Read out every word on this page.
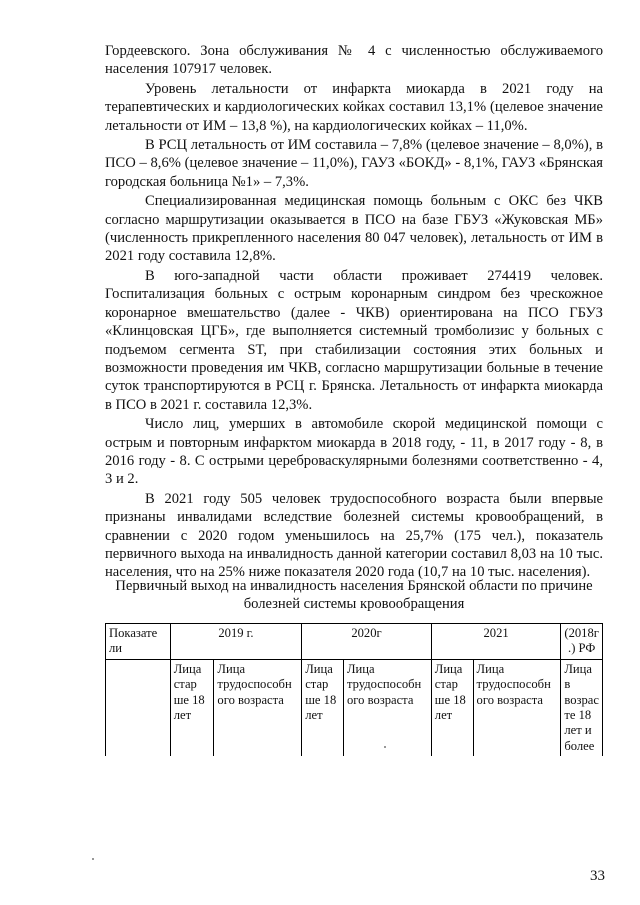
Гордеевского. Зона обслуживания № 4 с численностью обслуживаемого населения 107917 человек.

Уровень летальности от инфаркта миокарда в 2021 году на терапевтических и кардиологических койках составил 13,1% (целевое значение летальности от ИМ – 13,8 %), на кардиологических койках – 11,0%.

В РСЦ летальность от ИМ составила – 7,8% (целевое значение – 8,0%), в ПСО – 8,6% (целевое значение – 11,0%), ГАУЗ «БОКД» - 8,1%, ГАУЗ «Брянская городская больница №1» – 7,3%.

Специализированная медицинская помощь больным с ОКС без ЧКВ согласно маршрутизации оказывается в ПСО на базе ГБУЗ «Жуковская МБ» (численность прикрепленного населения 80 047 человек), летальность от ИМ в 2021 году составила 12,8%.

В юго-западной части области проживает 274419 человек. Госпитализация больных с острым коронарным синдром без чрескожное коронарное вмешательство (далее - ЧКВ) ориентирована на ПСО ГБУЗ «Клинцовская ЦГБ», где выполняется системный тромболизис у больных с подъемом сегмента ST, при стабилизации состояния этих больных и возможности проведения им ЧКВ, согласно маршрутизации больные в течение суток транспортируются в РСЦ г. Брянска. Летальность от инфаркта миокарда в ПСО в 2021 г. составила 12,3%.

Число лиц, умерших в автомобиле скорой медицинской помощи с острым и повторным инфарктом миокарда в 2018 году, - 11, в 2017 году - 8, в 2016 году - 8. С острыми цереброваскулярными болезнями соответственно - 4, 3 и 2.

В 2021 году 505 человек трудоспособного возраста были впервые признаны инвалидами вследствие болезней системы кровообращений, в сравнении с 2020 годом уменьшилось на 25,7% (175 чел.), показатель первичного выхода на инвалидность данной категории составил 8,03 на 10 тыс. населения, что на 25% ниже показателя 2020 года (10,7 на 10 тыс. населения).

Первичный выход на инвалидность населения Брянской области по причине болезней системы кровообращения
Показате ли	2019 г.		2020г		2021		(2018г .) РФ
	Лица стар ше 18 лет	Лица трудоспособн ого возраста	Лица стар ше 18 лет	Лица трудоспособн ого возраста	Лица стар ше 18 лет	Лица трудоспособн ого возраста	Лица в возрас те 18 лет и более
33
